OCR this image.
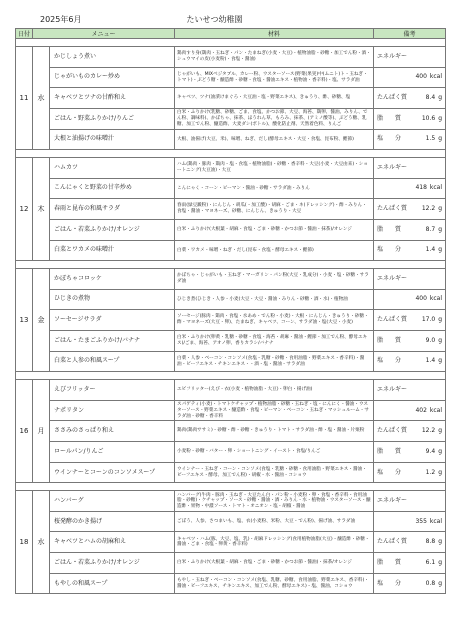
2025年6月	たいせつ幼稚園
日付	メニュー		材料	備考

11	水	かじしょう煮い	鶏肉すり身(鶏肉・玉ねぎ・パン・たまねぎ(小麦・大豆)・植物油脂・砂糖・加工でん粉・酒・シュウマイの皮(小麦粉)・食塩・醤油)	エネルギー

		じゃがいものカレー炒め	じゃがいも、MIXベジタブル、カレー粉、ウスターソース(野菜(果実)中(ムニト)ト・玉ねぎ・トマト)・ぶどう糖・醸造酢・砂糖・食塩・醤油エキス・植物油・香辛料)・塩、サラダ油	400 kcal

		キャベツとツナの甘酢和え	キャベツ、ツナ(油漬けまぐろ・大豆油・塩・野菜エキス)、きゅうり、酢、砂糖、塩	たんぱく質 8.4 g

		ごはん・野菜ふりかけ/りんご	白米・ふりかけ(乳糖、砂糖、ごま、食塩、かつお節、大豆、海苔、鶏卵、醤油、みりん、でん粉、調味料)、かぼちゃ、抹茶、ほうれん草、もろみ、抹茶、(アミノ酸等)、ぶどう糖、乳糖、加工でん粉、醸造酢、大麦ダシ(ボトル)、酸化防止剤、天然着色料、りんご	脂　　質 10.6 g

		大根と油揚げの味噌汁	大根、油揚げ(大豆、米)、味噌、ねぎ、だし(酵母エキス・大豆・食塩、昆布粉、鰹節)	塩　　分 1.5 g

12	木	ハムカツ	ハム(鶏肉・豚肉・鶏肉・塩・食塩・植物油脂)・砂糖・香辛料・大豆(小麦・大豆由来)・ショートニング(大豆油)・大豆	エネルギー

		こんにゃくと野菜の甘辛炒め	こんにゃく・コーン・ピーマン・醤油・砂糖・サラダ油・みりん	418 kcal

		春雨と昆布の和風サラダ	春雨(緑豆澱粉)・にんじん・胡瓜(・加工酸)・胡麻・ごま・ネ(ドレッシング)・酢・みりん・食塩・醤油・マヨネーズ、砂糖、にんじん、きゅうり・大豆	たんぱく質 12.2 g

		ごはん・若菜ふりかけ/オレンジ	白米・ふりかけ(大根葉・胡麻・食塩・ごま・砂糖・かつお節・醤油・抹茶)/オレンジ	脂　　質 8.7 g

		白菜とワカメの味噌汁	白菜・ワカメ・味噌・ねぎ・だし(昆布・食塩・酵母エキス・鰹節)	塩　　分 1.4 g

13	金	かぼちゃコロッケ	かぼちゃ・じゃがいも・玉ねぎ・マーガリン・パン粉(大豆・乳成分)・小麦・塩・砂糖・サラダ油	エネルギー

		ひじきの煮物	ひじき煮(ひじき・人参・小麦(大豆・大豆・醤油・みりん・砂糖・酒・水)・植物油	400 kcal

		ソーセージサラダ	ソーセージ(豚肉・鶏肉・食塩・水あめ・でん粉・小麦)・大根・にんじん・きゅうり・砂糖・酢・マヨネーズ(大豆・卵)、たまねぎ、キャベツ、コーン、サラダ油・塩(大豆・小麦)	たんぱく質 17.0 g

		ごはん・たまごふりかけ/バナナ	白米・ふりかけ(卵黄・乳糖・砂糖・食塩・海苔・胡麻・醤油・鰹節・加工でん粉、酵母エキス)/ごま、海苔、アオノ卵、香りカラシ/バナナ	脂　　質 9.0 g

		白菜と人参の和風スープ	白菜・人参・ベーコン・コンソメ(食塩・乳糖・砂糖・食用油脂・野菜エキス・香辛料)・醤油・ビーフエキス・チキンエキス・・酒・塩・醤油・サラダ油	塩　　分 1.4 g

16	月	えびフリッター	エビフリッター(えび・衣(小麦・植物油脂・大豆)・卵白・揚げ油)	エネルギー

		ナポリタン	スパゲティ(小麦)・トマトケチャップ・植物油脂・砂糖・玉ねぎ・塩・にんにく・醤油・ウスターソース・野菜エキス・醸造酢・食塩・ピーマン・ベーコン・玉ねぎ・マッシュルーム・サラダ油・砂糖・香辛料	402 kcal

		ささみのさっぱり和え	鶏肉(鶏肉ササミ)・砂糖・酢・砂糖・きゅうり・トマト・サラダ油・酢・塩・醤油・片栗粉	たんぱく質 12.2 g

		ロールパン/りんご	小麦粉・砂糖・バター・卵・ショートニング・イースト・食塩/りんご	脂　　質 9.4 g

		ウインナーとコーンのコンソメスープ	ウインナー・玉ねぎ・コーン・コンソメ(食塩・乳糖・砂糖・食用油脂・野菜エキス・醤油・ビーフエキス・酵母、加工でん粉)・胡椒・水・醤油・コショウ	塩　　分 1.2 g

18	水	ハンバーグ	ハンバーグ(牛肉・豚肉・玉ねぎ・大豆たん白・パン粉・小麦粉・卵・食塩・香辛料・食用油脂・砂糖)・ケチャップ・ソース・砂糖・醤油・酒・みりん・水・植物油・ウスターソース・醸造酢・果物・中濃ソース・トマト・オニオン・塩・胡椒・醤油	エネルギー

		桜発酵のかき揚げ	ごぼう、人参、さつまいも、塩、衣(小麦粉、米粉、大豆・でん粉)、揚げ油、サラダ油	355 kcal

		キャベツとハムの胡麻和え	キャベツ・ハム(豚、大豆、塩、乳)・胡麻ドレッシング(食用植物油脂(大豆)・醸造酢・砂糖・醤油・ごま・食塩・卵黄・香辛料)	たんぱく質 8.8 g

		ごはん・若菜ふりかけ/オレンジ	白米・ふりかけ(大根葉・胡麻・食塩・ごま・砂糖・かつお節・醤油)・抹茶/オレンジ	脂　　質 6.1 g

		もやしの和風スープ	もやし・玉ねぎ・ベーコン・コンソメ(食塩、乳糖、砂糖、食用油脂、野菜エキス、香辛料)・醤油・ビーフエキス、チキンエキス、加工でん粉、酵母エキス)・塩、醤油、コショウ	塩　　分 0.8 g
